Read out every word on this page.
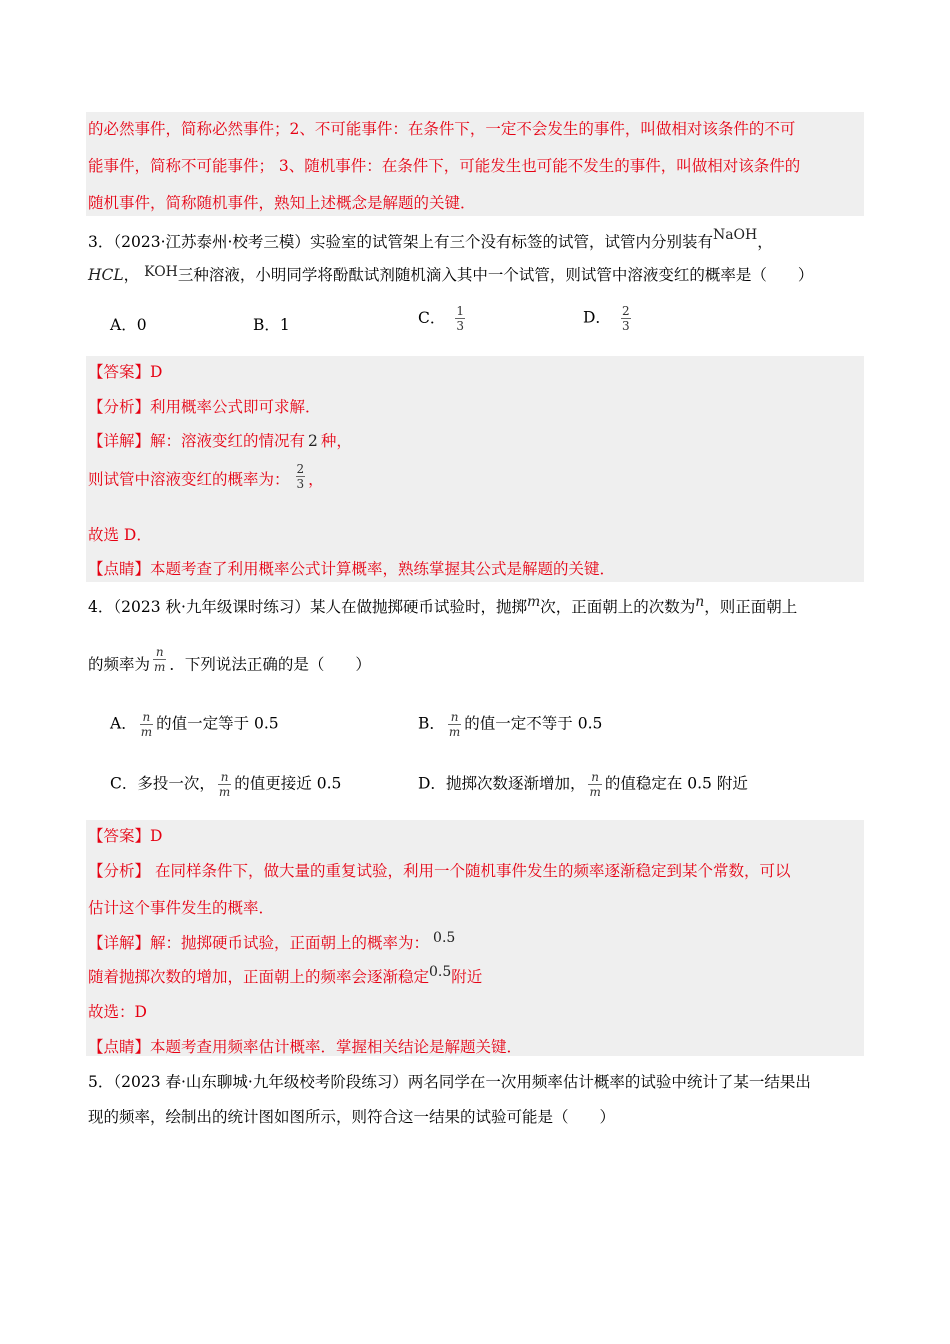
的必然事件，简称必然事件；2、不可能事件：在条件下，一定不会发生的事件，叫做相对该条件的不可
能事件，简称不可能事件； 3、随机事件：在条件下，可能发生也可能不发生的事件，叫做相对该条件的
随机事件，简称随机事件，熟知上述概念是解题的关键．
3．（2023·江苏泰州·校考三模）实验室的试管架上有三个没有标签的试管，试管内分别装有NaOH，
HCL， KOH三种溶液，小明同学将酚酞试剂随机滴入其中一个试管，则试管中溶液变红的概率是（　　）
A．0	B．1	C． $\frac{1}{3}$	D． $\frac{2}{3}$
【答案】D
【分析】利用概率公式即可求解．
【详解】解：溶液变红的情况有 2 种，
则试管中溶液变红的概率为： $\frac{2}{3}$ ，
故选 D．
【点睛】本题考查了利用概率公式计算概率，熟练掌握其公式是解题的关键．
4．（2023 秋·九年级课时练习）某人在做抛掷硬币试验时，抛掷m次，正面朝上的次数为n，则正面朝上
的频率为 $\frac{n}{m}$ ．下列说法正确的是（　　）
A． $\frac{n}{m}$ 的值一定等于 0.5	B． $\frac{n}{m}$ 的值一定不等于 0.5
C．多投一次， $\frac{n}{m}$ 的值更接近 0.5	D．抛掷次数逐渐增加， $\frac{n}{m}$ 的值稳定在 0.5 附近
【答案】D
【分析】 在同样条件下，做大量的重复试验，利用一个随机事件发生的频率逐渐稳定到某个常数，可以
估计这个事件发生的概率．
【详解】解：抛掷硬币试验，正面朝上的概率为： 0.5
随着抛掷次数的增加，正面朝上的频率会逐渐稳定0.5附近
故选：D
【点睛】本题考查用频率估计概率．掌握相关结论是解题关键．
5．（2023 春·山东聊城·九年级校考阶段练习）两名同学在一次用频率估计概率的试验中统计了某一结果出
现的频率，绘制出的统计图如图所示，则符合这一结果的试验可能是（　　）
